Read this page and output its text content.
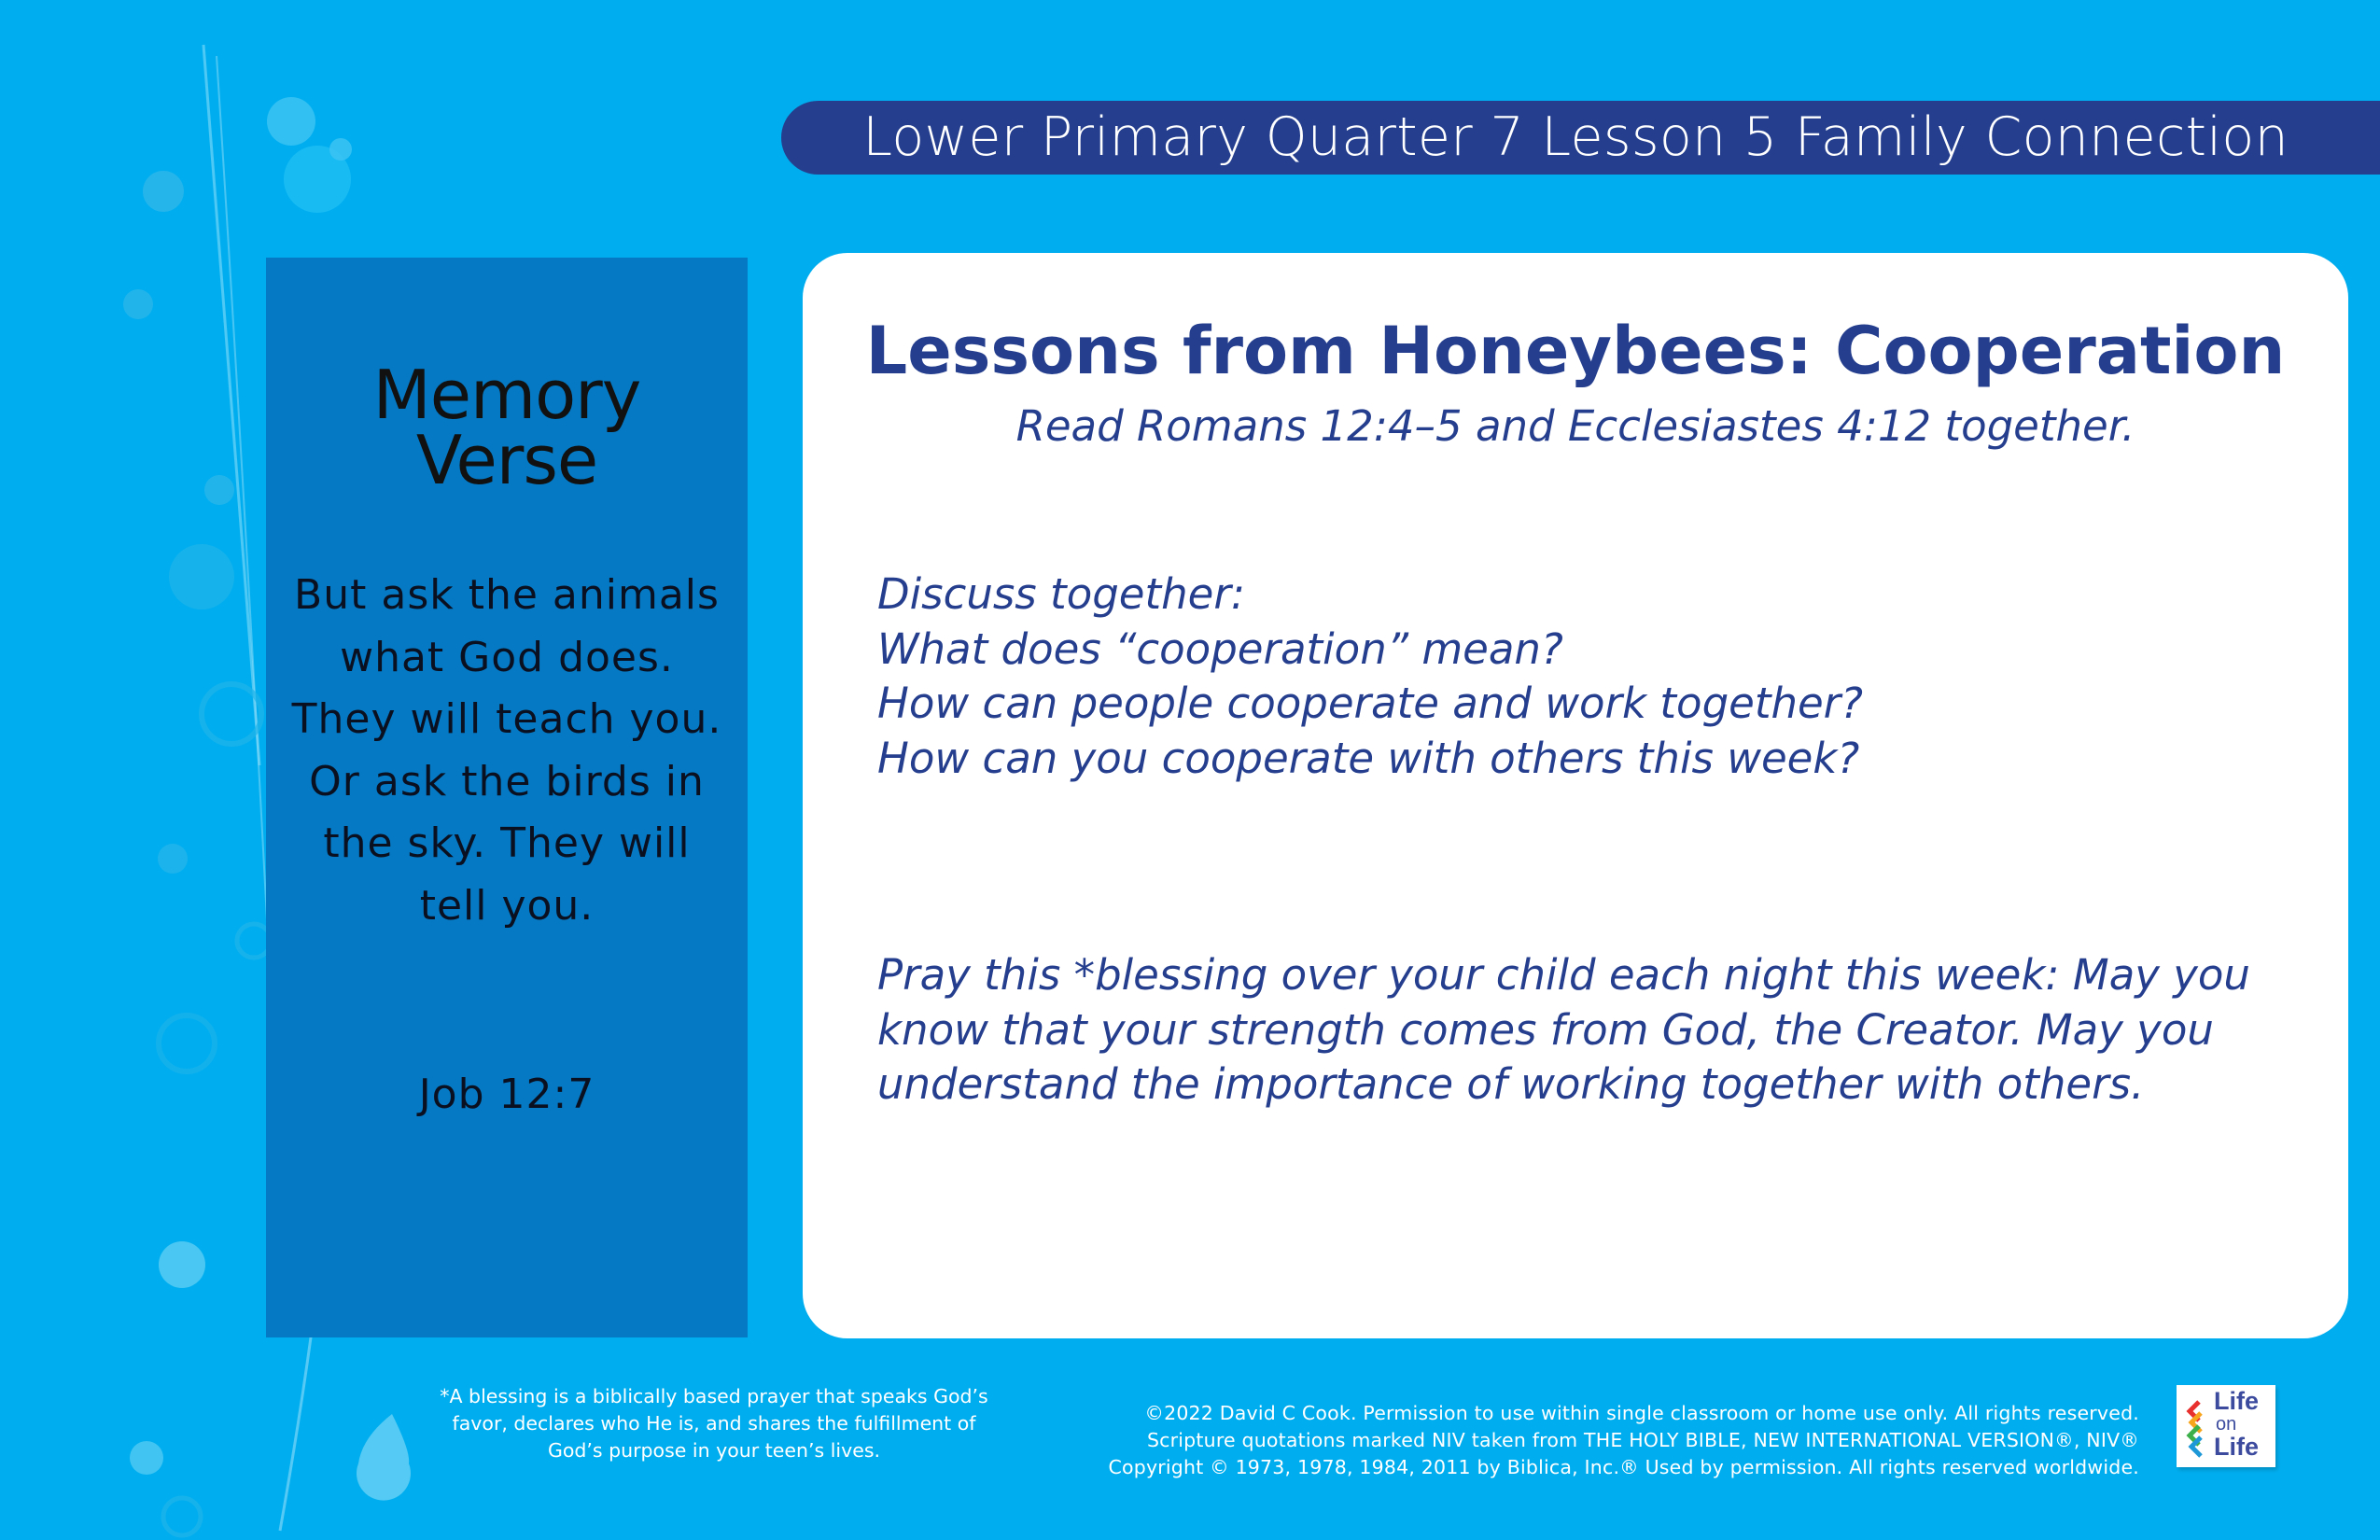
Lower Primary Quarter 7 Lesson 5 Family Connection
Memory Verse
But ask the animals what God does. They will teach you. Or ask the birds in the sky. They will tell you.
Job 12:7
Lessons from Honeybees: Cooperation
Read Romans 12:4–5 and Ecclesiastes 4:12 together.
Discuss together:
What does “cooperation” mean?
How can people cooperate and work together?
How can you cooperate with others this week?
Pray this *blessing over your child each night this week: May you know that your strength comes from God, the Creator. May you understand the importance of working together with others.
*A blessing is a biblically based prayer that speaks God’s favor, declares who He is, and shares the fulfillment of God’s purpose in your teen’s lives.
©2022 David C Cook. Permission to use within single classroom or home use only. All rights reserved.
Scripture quotations marked NIV taken from THE HOLY BIBLE, NEW INTERNATIONAL VERSION®, NIV®
Copyright © 1973, 1978, 1984, 2011 by Biblica, Inc.® Used by permission. All rights reserved worldwide.
Life
on
Life
